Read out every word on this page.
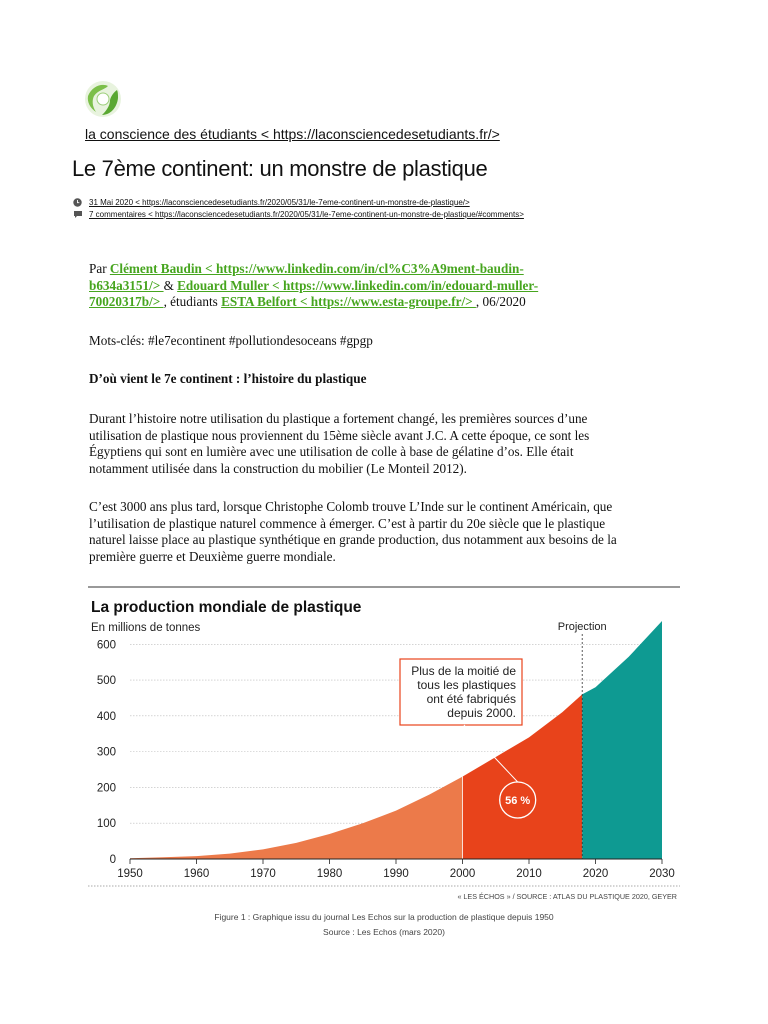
la conscience des étudiants < https://laconsciencedesetudiants.fr/>
Le 7ème continent: un monstre de plastique
31 Mai 2020 < https://laconsciencedesetudiants.fr/2020/05/31/le-7eme-continent-un-monstre-de-plastique/>
7 commentaires < https://laconsciencedesetudiants.fr/2020/05/31/le-7eme-continent-un-monstre-de-plastique/#comments>
Par Clément Baudin < https://www.linkedin.com/in/cl%C3%A9ment-baudin-
b634a3151/> & Edouard Muller < https://www.linkedin.com/in/edouard-muller-
70020317b/> , étudiants ESTA Belfort < https://www.esta-groupe.fr/> , 06/2020
Mots-clés: #le7econtinent #pollutiondesoceans #gpgp
D’où vient le 7e continent : l’histoire du plastique
Durant l’histoire notre utilisation du plastique a fortement changé, les premières sources d’une
utilisation de plastique nous proviennent du 15ème siècle avant J.C. A cette époque, ce sont les
Égyptiens qui sont en lumière avec une utilisation de colle à base de gélatine d’os. Elle était
notamment utilisée dans la construction du mobilier (Le Monteil 2012).
C’est 3000 ans plus tard, lorsque Christophe Colomb trouve L’Inde sur le continent Américain, que
l’utilisation de plastique naturel commence à émerger. C’est à partir du 20e siècle que le plastique
naturel laisse place au plastique synthétique en grande production, dus notamment aux besoins de la
première guerre et Deuxième guerre mondiale.
La production mondiale de plastique
En millions de tonnes
0
100
200
300
400
500
600
1950	1960	1970	1980	1990	2000	2010	2020	2030
Projection
Plus de la moitié de
tous les plastiques
ont été fabriqués
depuis 2000.
56 %
« LES ÉCHOS » / SOURCE : ATLAS DU PLASTIQUE 2020, GEYER
Figure 1 : Graphique issu du journal Les Echos sur la production de plastique depuis 1950
Source : Les Echos (mars 2020)
